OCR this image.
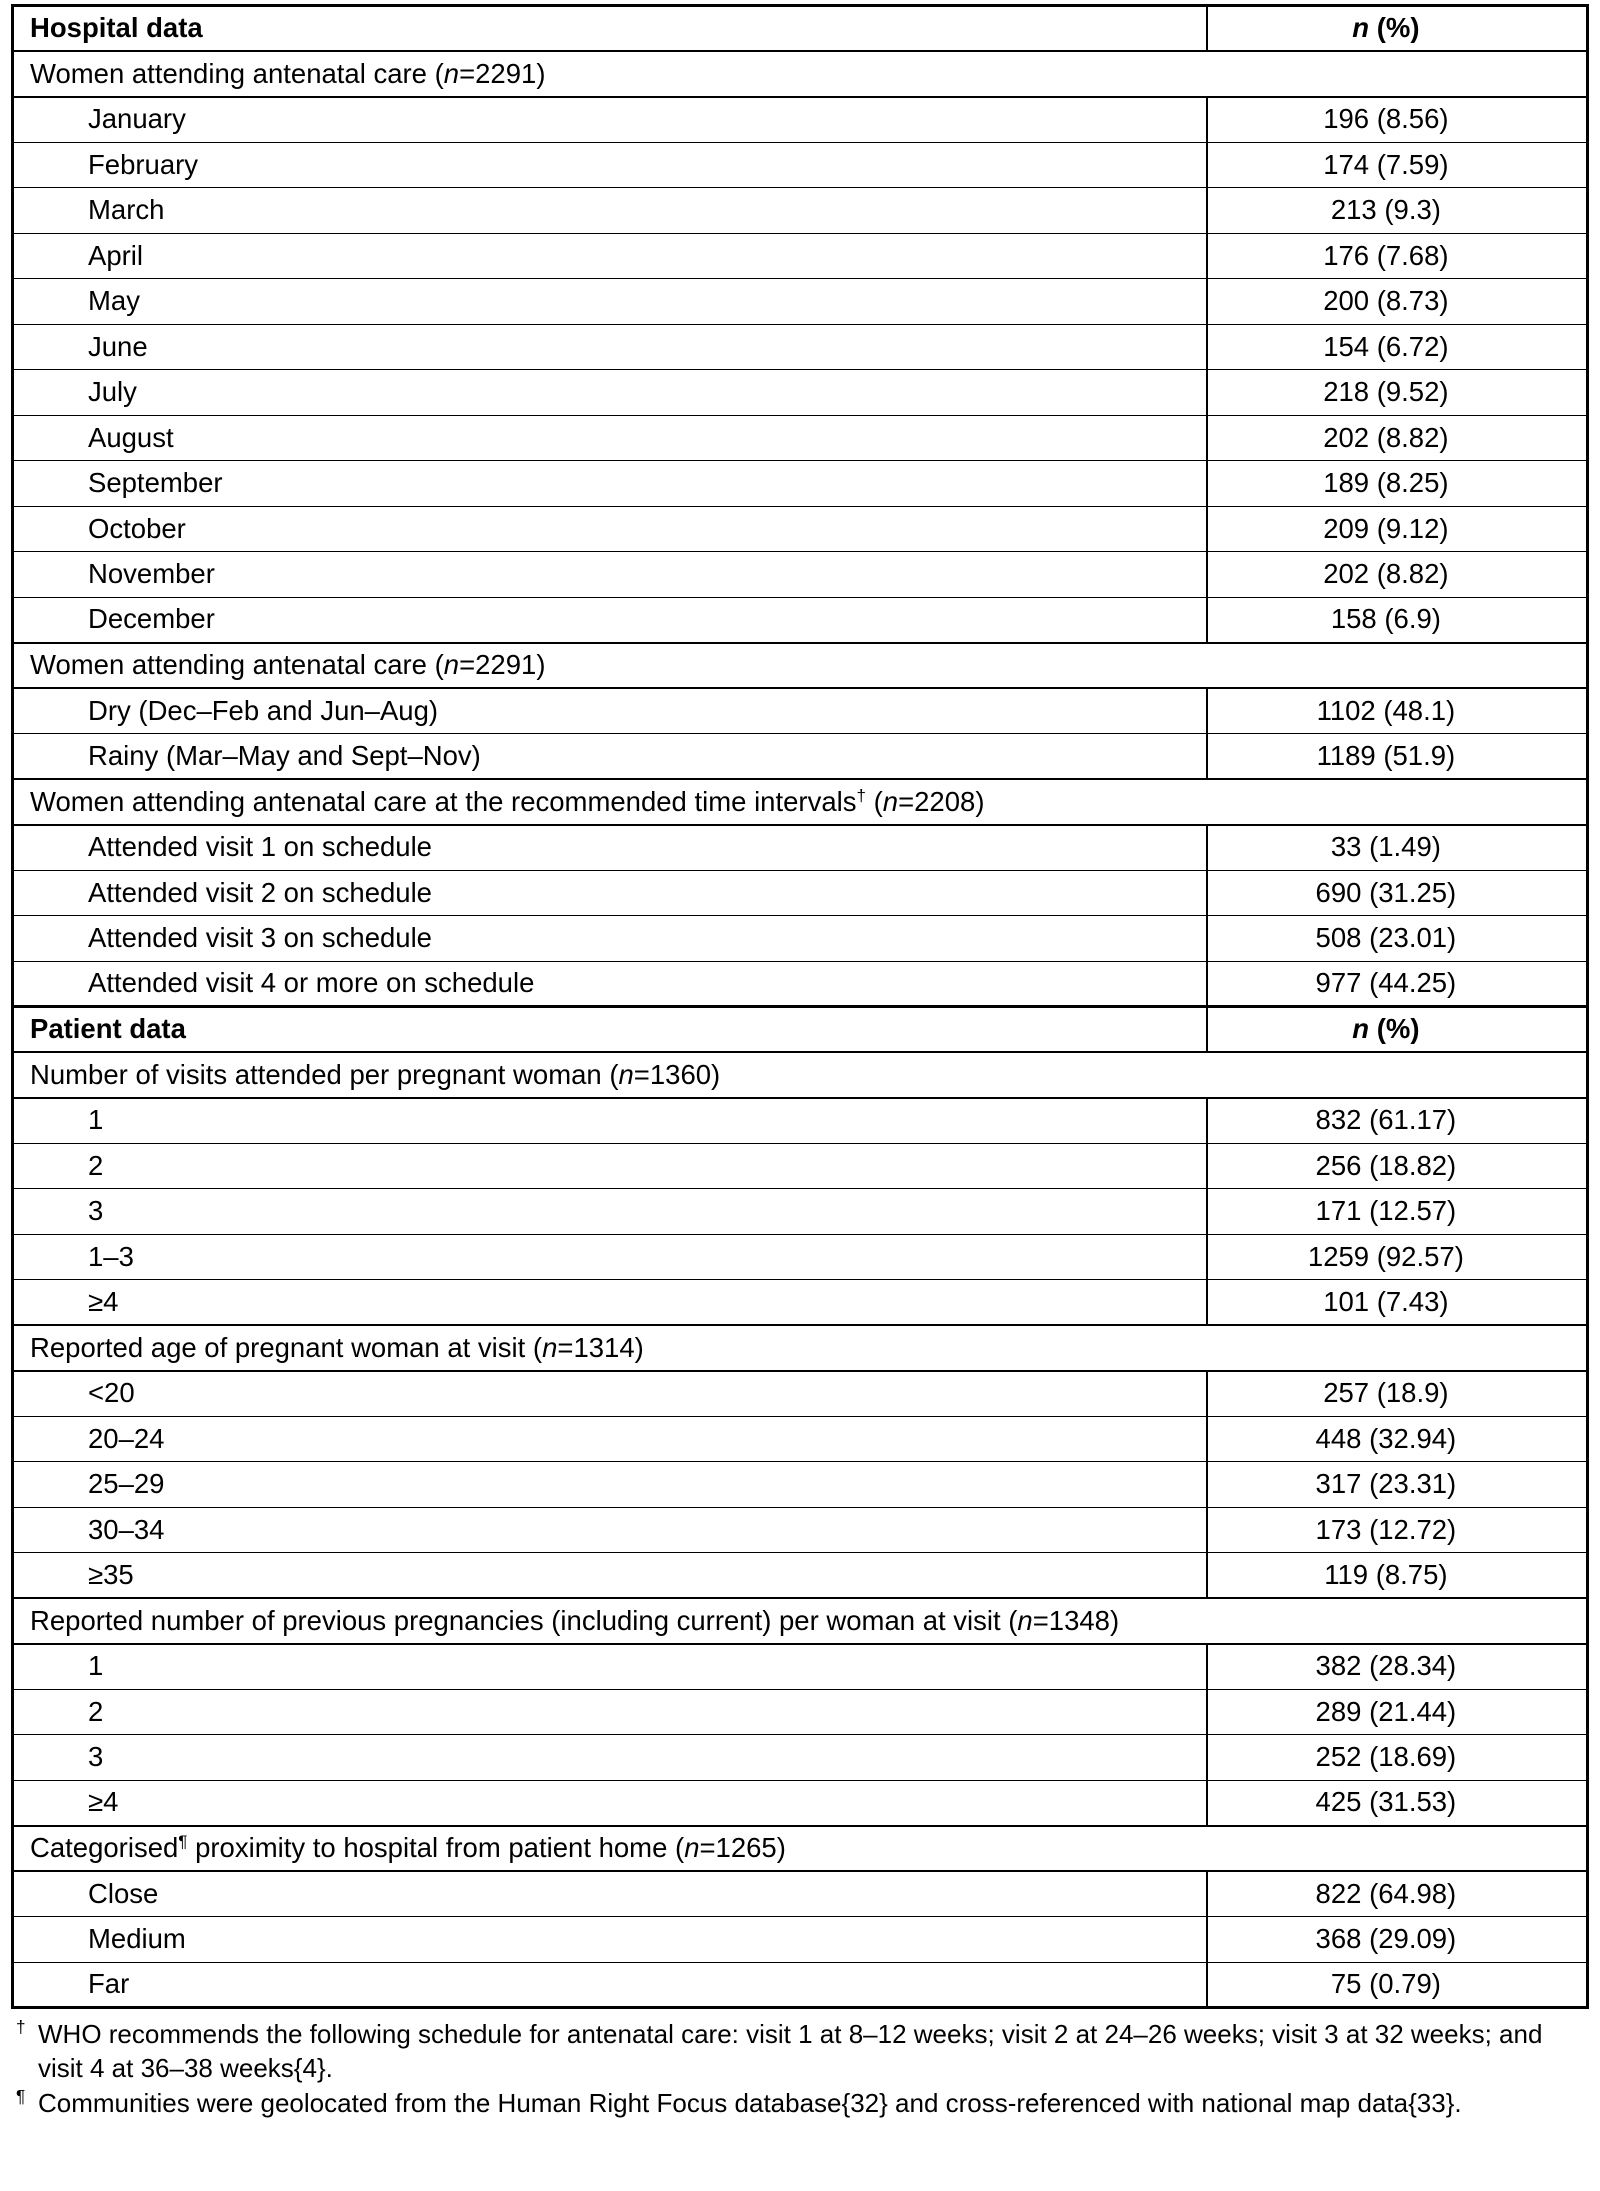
Hospital data	n (%)
Women attending antenatal care (n=2291)	
January	196 (8.56)
February	174 (7.59)
March	213 (9.3)
April	176 (7.68)
May	200 (8.73)
June	154 (6.72)
July	218 (9.52)
August	202 (8.82)
September	189 (8.25)
October	209 (9.12)
November	202 (8.82)
December	158 (6.9)
Women attending antenatal care (n=2291)	
Dry (Dec–Feb and Jun–Aug)	1102 (48.1)
Rainy (Mar–May and Sept–Nov)	1189 (51.9)
Women attending antenatal care at the recommended time intervals† (n=2208)	
Attended visit 1 on schedule	33 (1.49)
Attended visit 2 on schedule	690 (31.25)
Attended visit 3 on schedule	508 (23.01)
Attended visit 4 or more on schedule	977 (44.25)
Patient data	n (%)
Number of visits attended per pregnant woman (n=1360)	
1	832 (61.17)
2	256 (18.82)
3	171 (12.57)
1–3	1259 (92.57)
≥4	101 (7.43)
Reported age of pregnant woman at visit (n=1314)	
<20	257 (18.9)
20–24	448 (32.94)
25–29	317 (23.31)
30–34	173 (12.72)
≥35	119 (8.75)
Reported number of previous pregnancies (including current) per woman at visit (n=1348)	
1	382 (28.34)
2	289 (21.44)
3	252 (18.69)
≥4	425 (31.53)
Categorised¶ proximity to hospital from patient home (n=1265)	
Close	822 (64.98)
Medium	368 (29.09)
Far	75 (0.79)

† WHO recommends the following schedule for antenatal care: visit 1 at 8–12 weeks; visit 2 at 24–26 weeks; visit 3 at 32 weeks; and visit 4 at 36–38 weeks{4}.

¶ Communities were geolocated from the Human Right Focus database{32} and cross-referenced with national map data{33}.
